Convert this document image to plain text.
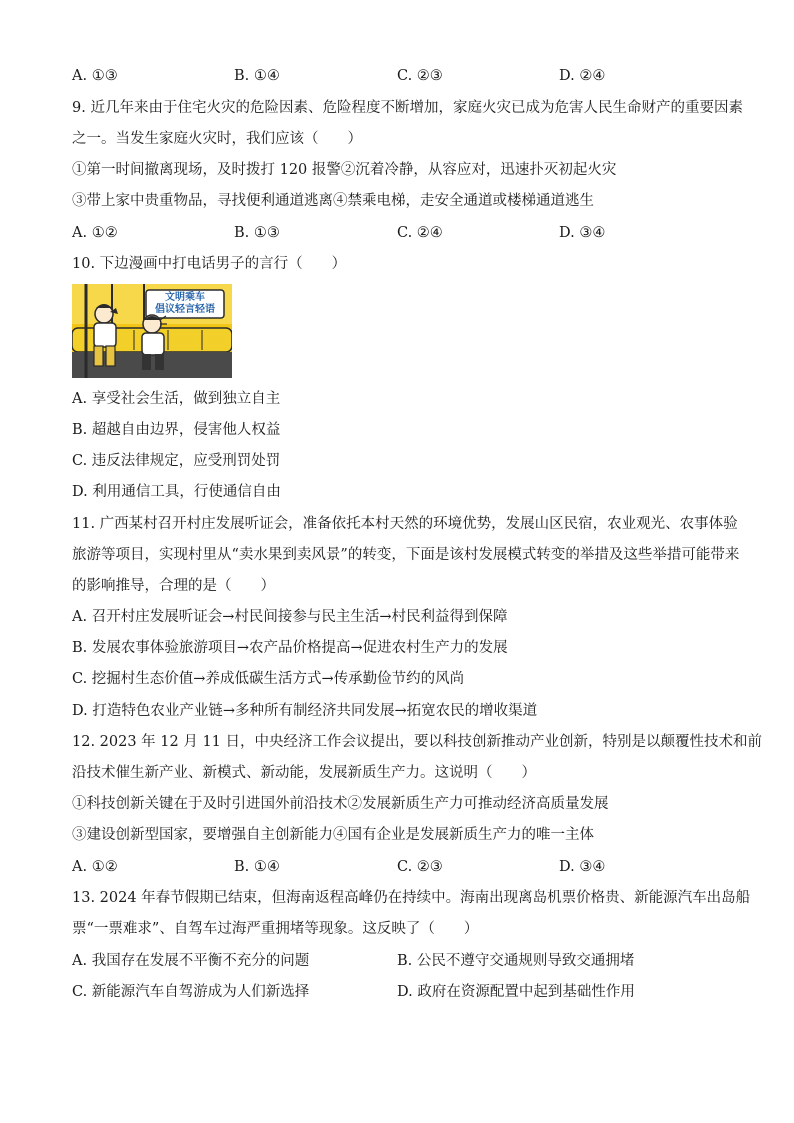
A. ①③	B. ①④	C. ②③	D. ②④
9. 近几年来由于住宅火灾的危险因素、危险程度不断增加，家庭火灾已成为危害人民生命财产的重要因素
之一。当发生家庭火灾时，我们应该（　　）
①第一时间撤离现场，及时拨打 120 报警②沉着冷静，从容应对，迅速扑灭初起火灾
③带上家中贵重物品，寻找便利通道逃离④禁乘电梯，走安全通道或楼梯通道逃生
A. ①②	B. ①③	C. ②④	D. ③④
10. 下边漫画中打电话男子的言行（　　）
文明乘车
倡议轻言轻语
A. 享受社会生活，做到独立自主
B. 超越自由边界，侵害他人权益
C. 违反法律规定，应受刑罚处罚
D. 利用通信工具，行使通信自由
11. 广西某村召开村庄发展听证会，准备依托本村天然的环境优势，发展山区民宿，农业观光、农事体验
旅游等项目，实现村里从“卖水果到卖风景”的转变，下面是该村发展模式转变的举措及这些举措可能带来
的影响推导，合理的是（　　）
A. 召开村庄发展听证会→村民间接参与民主生活→村民利益得到保障
B. 发展农事体验旅游项目→农产品价格提高→促进农村生产力的发展
C. 挖掘村生态价值→养成低碳生活方式→传承勤俭节约的风尚
D. 打造特色农业产业链→多种所有制经济共同发展→拓宽农民的增收渠道
12. 2023 年 12 月 11 日，中央经济工作会议提出，要以科技创新推动产业创新，特别是以颠覆性技术和前
沿技术催生新产业、新模式、新动能，发展新质生产力。这说明（　　）
①科技创新关键在于及时引进国外前沿技术②发展新质生产力可推动经济高质量发展
③建设创新型国家，要增强自主创新能力④国有企业是发展新质生产力的唯一主体
A. ①②	B. ①④	C. ②③	D. ③④
13. 2024 年春节假期已结束，但海南返程高峰仍在持续中。海南出现离岛机票价格贵、新能源汽车出岛船
票“一票难求”、自驾车过海严重拥堵等现象。这反映了（　　）
A. 我国存在发展不平衡不充分的问题	B. 公民不遵守交通规则导致交通拥堵
C. 新能源汽车自驾游成为人们新选择	D. 政府在资源配置中起到基础性作用
